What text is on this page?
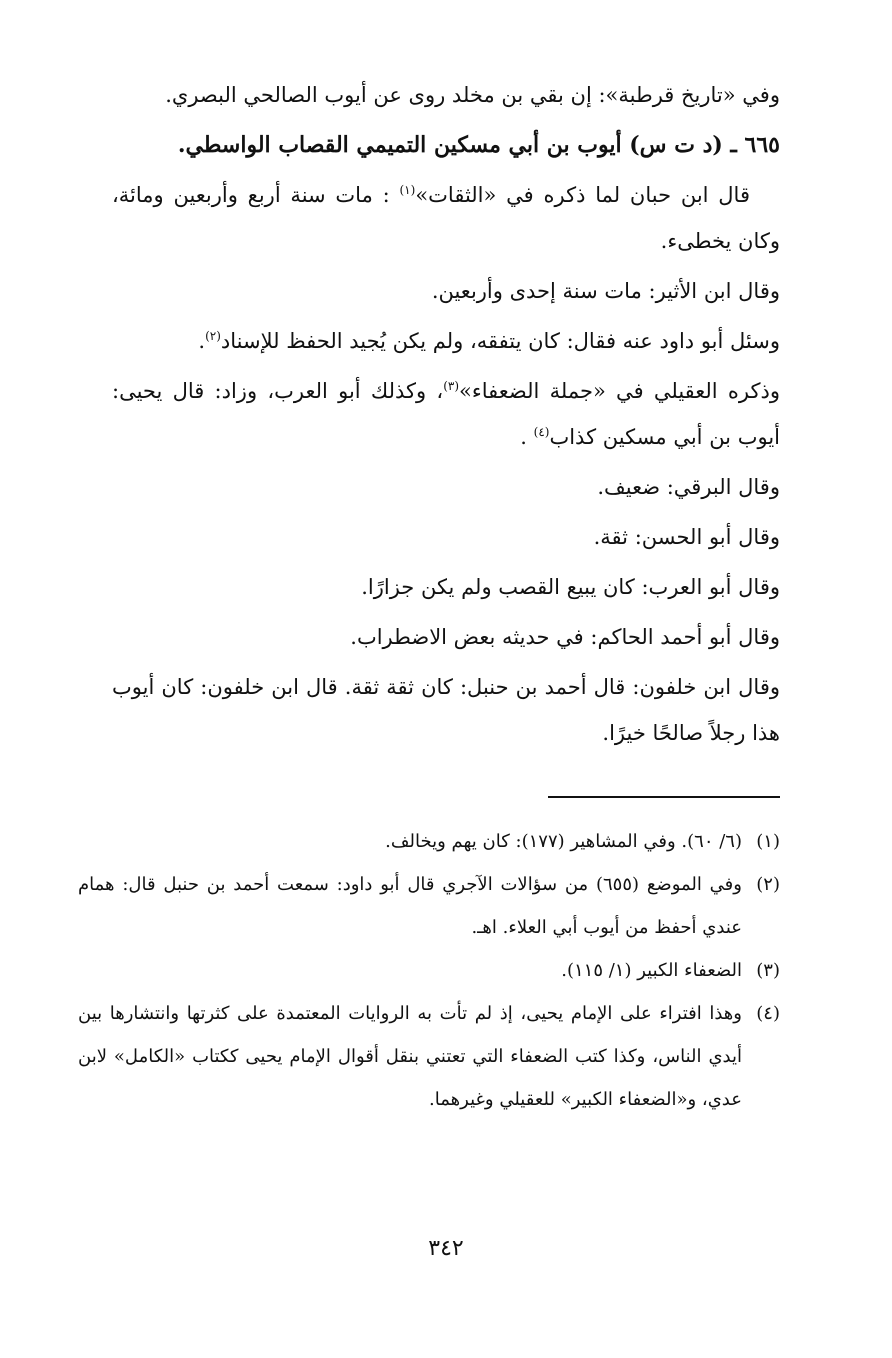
وفي «تاريخ قرطبة»: إن بقي بن مخلد روى عن أيوب الصالحي البصري.

٦٦٥ ـ (د ت س) أيوب بن أبي مسكين التميمي القصاب الواسطي.

قال ابن حبان لما ذكره في «الثقات»$^{(١)}$ : مات سنة أربع وأربعين ومائة، وكان يخطىء.

وقال ابن الأثير: مات سنة إحدى وأربعين.

وسئل أبو داود عنه فقال: كان يتفقه، ولم يكن يُجيد الحفظ للإسناد$^{(٢)}$.

وذكره العقيلي في «جملة الضعفاء»$^{(٣)}$، وكذلك أبو العرب، وزاد: قال يحيى: أيوب بن أبي مسكين كذاب$^{(٤)}$ .

وقال البرقي: ضعيف.

وقال أبو الحسن: ثقة.

وقال أبو العرب: كان يبيع القصب ولم يكن جزارًا.

وقال أبو أحمد الحاكم: في حديثه بعض الاضطراب.

وقال ابن خلفون: قال أحمد بن حنبل: كان ثقة ثقة. قال ابن خلفون: كان أيوب هذا رجلاً صالحًا خيرًا.

(١)
(٦/ ٦٠). وفي المشاهير (١٧٧): كان يهم ويخالف.
(٢)
وفي الموضع (٦٥٥) من سؤالات الآجري قال أبو داود: سمعت أحمد بن حنبل قال: همام عندي أحفظ من أيوب أبي العلاء. اهـ.
(٣)
الضعفاء الكبير (١/ ١١٥).
(٤)
وهذا افتراء على الإمام يحيى، إذ لم تأت به الروايات المعتمدة على كثرتها وانتشارها بين أيدي الناس، وكذا كتب الضعفاء التي تعتني بنقل أقوال الإمام يحيى ككتاب «الكامل» لابن عدي، و«الضعفاء الكبير» للعقيلي وغيرهما.
٣٤٢
